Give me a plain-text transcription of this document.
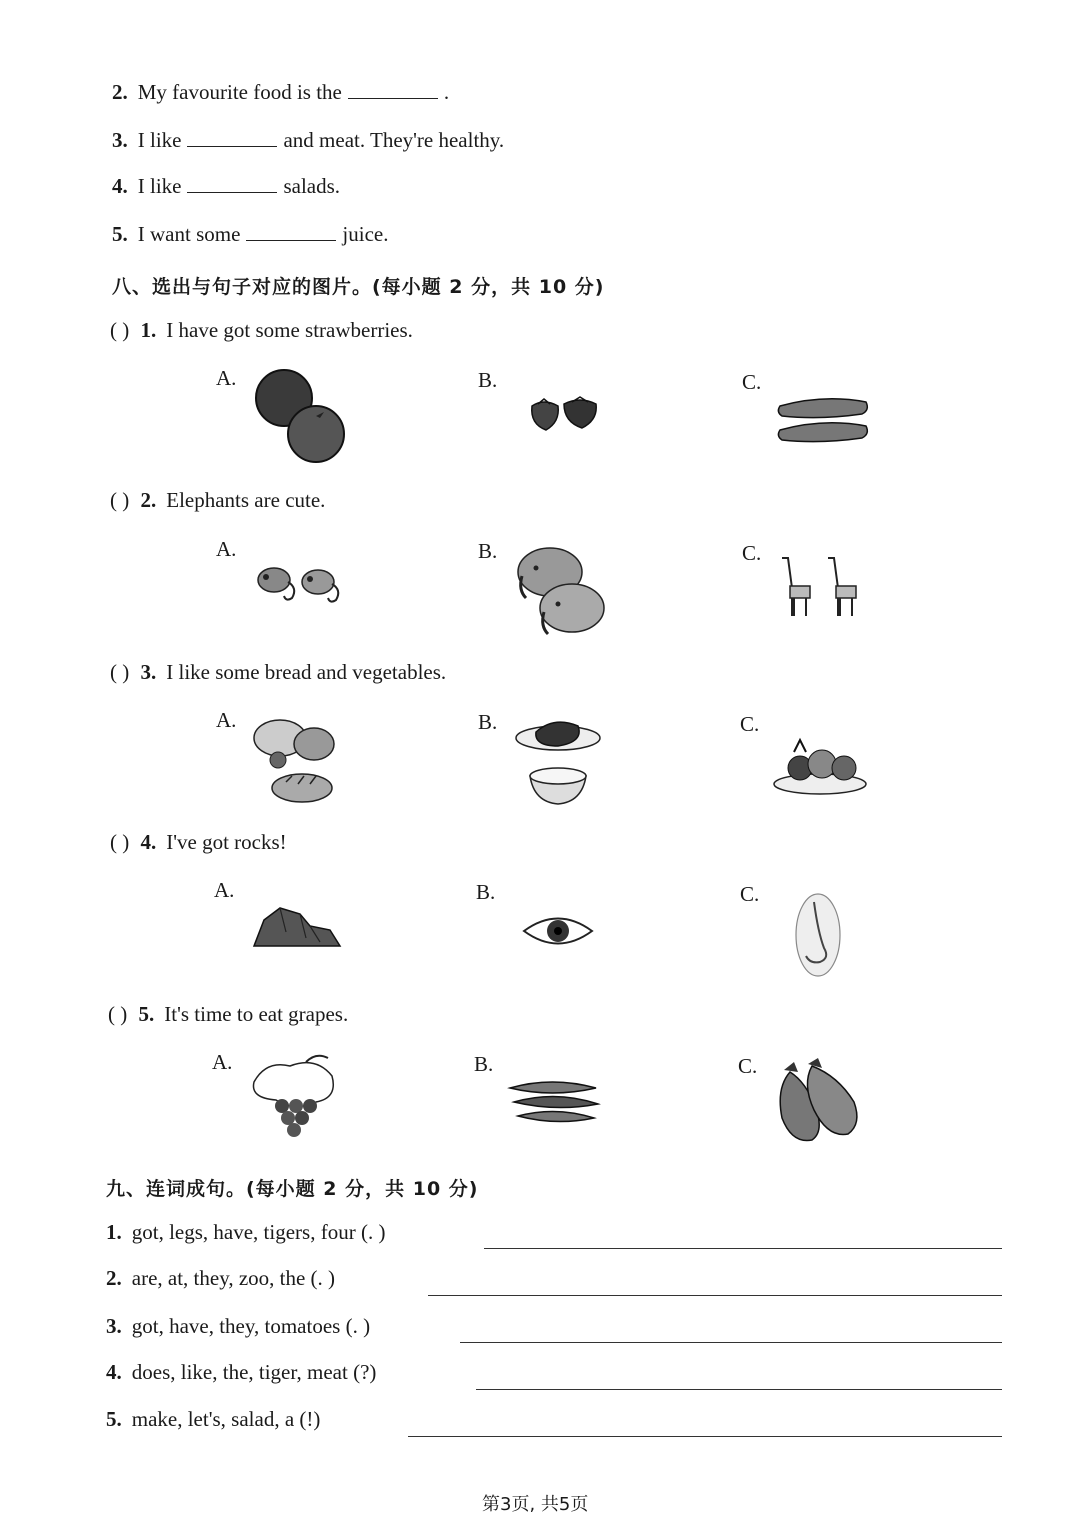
2. My favourite food is the	.
3. I like	and meat. They're healthy.
4. I like	salads.
5. I want some	juice.
八、选出与句子对应的图片。(每小题 2 分，共 10 分)
( ) 1. I have got some strawberries.
A.	B.	C.
( ) 2. Elephants are cute.
A.	B.	C.
( ) 3. I like some bread and vegetables.
A.	B.	C.
( ) 4. I've got rocks!
A.	B.	C.
( ) 5. It's time to eat grapes.
A.	B.	C.
九、连词成句。(每小题 2 分，共 10 分)
1. got, legs, have, tigers, four (. )
2. are, at, they, zoo, the (. )
3. got, have, they, tomatoes (. )
4. does, like, the, tiger, meat (?)
5. make, let's, salad, a (!)
第3页, 共5页
